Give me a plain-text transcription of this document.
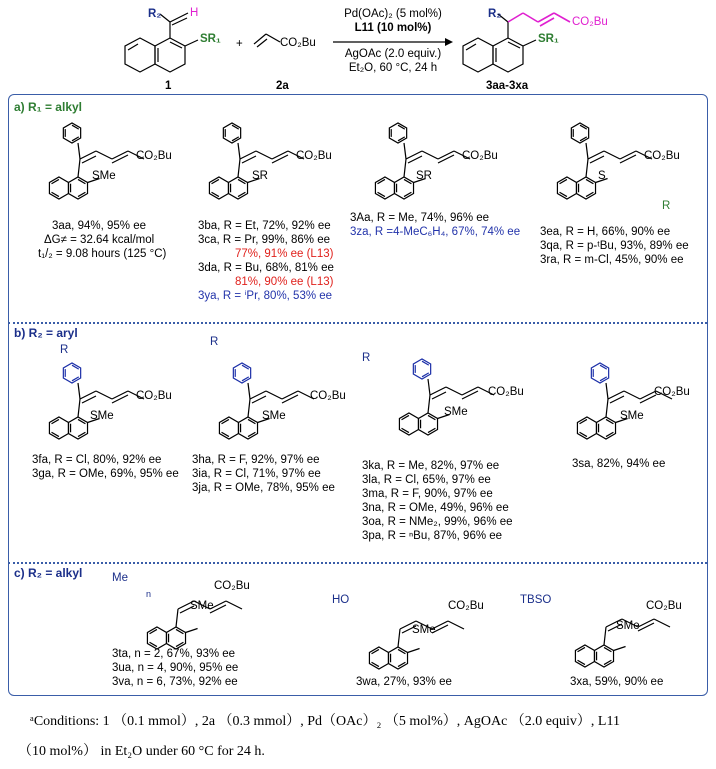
R₂ H
SR₁
1
+	CO₂Bu
2a
Pd(OAc)₂ (5 mol%)
L11 (10 mol%)
AgOAc (2.0 equiv.)
Et₂O, 60 °C, 24 h
R₂
CO₂Bu
SR₁
3aa-3xa
a) R₁ = alkyl
b) R₂ = aryl
c) R₂ = alkyl
SMe
CO₂Bu
3aa, 94%, 95% ee
ΔG≠ = 32.64 kcal/mol
t₁/₂ = 9.08 hours (125 °C)
SR
CO₂Bu
3ba, R = Et, 72%, 92% ee
3ca, R = Pr, 99%, 86% ee
77%, 91% ee (L13)
3da, R = Bu, 68%, 81% ee
81%, 90% ee (L13)
3ya, R = ⁱPr, 80%, 53% ee
SR
CO₂Bu
3Aa, R = Me, 74%, 96% ee
3za, R =4-MeC₆H₄, 67%, 74% ee
S
R
CO₂Bu
3ea, R = H, 66%, 90% ee
3qa, R = p-ᵗBu, 93%, 89% ee
3ra, R = m-Cl, 45%, 90% ee
R
SMe
CO₂Bu
3fa, R = Cl, 80%, 92% ee
3ga, R = OMe, 69%, 95% ee
R
SMe
CO₂Bu
3ha, R = F, 92%, 97% ee
3ia, R = Cl, 71%, 97% ee
3ja, R = OMe, 78%, 95% ee
R
SMe
CO₂Bu
3ka, R = Me, 82%, 97% ee
3la, R = Cl, 65%, 97% ee
3ma, R = F, 90%, 97% ee
3na, R = OMe, 49%, 96% ee
3oa, R = NMe₂, 99%, 96% ee
3pa, R = ⁿBu, 87%, 96% ee
SMe
CO₂Bu
3sa, 82%, 94% ee
Me
n
SMe
CO₂Bu
3ta, n = 2, 67%, 93% ee
3ua, n = 4, 90%, 95% ee
3va, n = 6, 73%, 92% ee
HO
SMe
CO₂Bu
3wa, 27%, 93% ee
TBSO
SMe
CO₂Bu
3xa, 59%, 90% ee
ᵃConditions: 1 （0.1 mmol）, 2a （0.3 mmol）, Pd（OAc）₂ （5 mol%）, AgOAc （2.0 equiv）, L11
（10 mol%） in Et₂O under 60 °C for 24 h.
